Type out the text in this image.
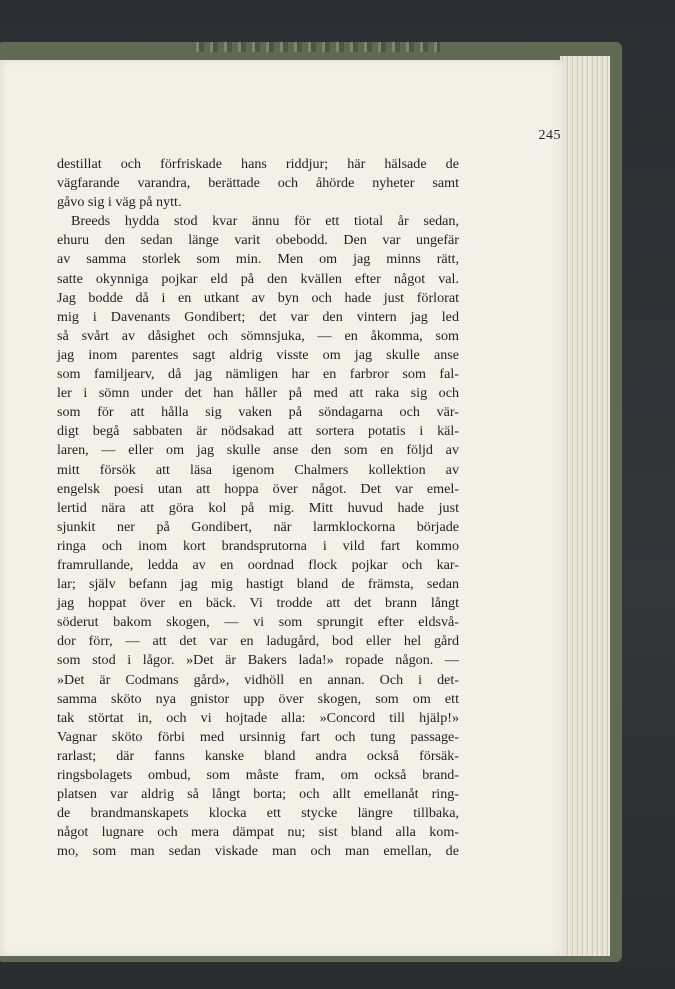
245
destillat och förfriskade hans riddjur; här hälsade de
vägfarande varandra, berättade och åhörde nyheter samt
gåvo sig i väg på nytt.
Breeds hydda stod kvar ännu för ett tiotal år sedan,
ehuru den sedan länge varit obebodd. Den var ungefär
av samma storlek som min. Men om jag minns rätt,
satte okynniga pojkar eld på den kvällen efter något val.
Jag bodde då i en utkant av byn och hade just förlorat
mig i Davenants Gondibert; det var den vintern jag led
så svårt av dåsighet och sömnsjuka, — en åkomma, som
jag inom parentes sagt aldrig visste om jag skulle anse
som familjearv, då jag nämligen har en farbror som fal-
ler i sömn under det han håller på med att raka sig och
som för att hålla sig vaken på söndagarna och vär-
digt begå sabbaten är nödsakad att sortera potatis i käl-
laren, — eller om jag skulle anse den som en följd av
mitt försök att läsa igenom Chalmers kollektion av
engelsk poesi utan att hoppa över något. Det var emel-
lertid nära att göra kol på mig. Mitt huvud hade just
sjunkit ner på Gondibert, när larmklockorna började
ringa och inom kort brandsprutorna i vild fart kommo
framrullande, ledda av en oordnad flock pojkar och kar-
lar; själv befann jag mig hastigt bland de främsta, sedan
jag hoppat över en bäck. Vi trodde att det brann långt
söderut bakom skogen, — vi som sprungit efter eldsvå-
dor förr, — att det var en ladugård, bod eller hel gård
som stod i lågor. »Det är Bakers lada!» ropade någon. —
»Det är Codmans gård», vidhöll en annan. Och i det-
samma sköto nya gnistor upp över skogen, som om ett
tak störtat in, och vi hojtade alla: »Concord till hjälp!»
Vagnar sköto förbi med ursinnig fart och tung passage-
rarlast; där fanns kanske bland andra också försäk-
ringsbolagets ombud, som måste fram, om också brand-
platsen var aldrig så långt borta; och allt emellanåt ring-
de brandmanskapets klocka ett stycke längre tillbaka,
något lugnare och mera dämpat nu; sist bland alla kom-
mo, som man sedan viskade man och man emellan, de
